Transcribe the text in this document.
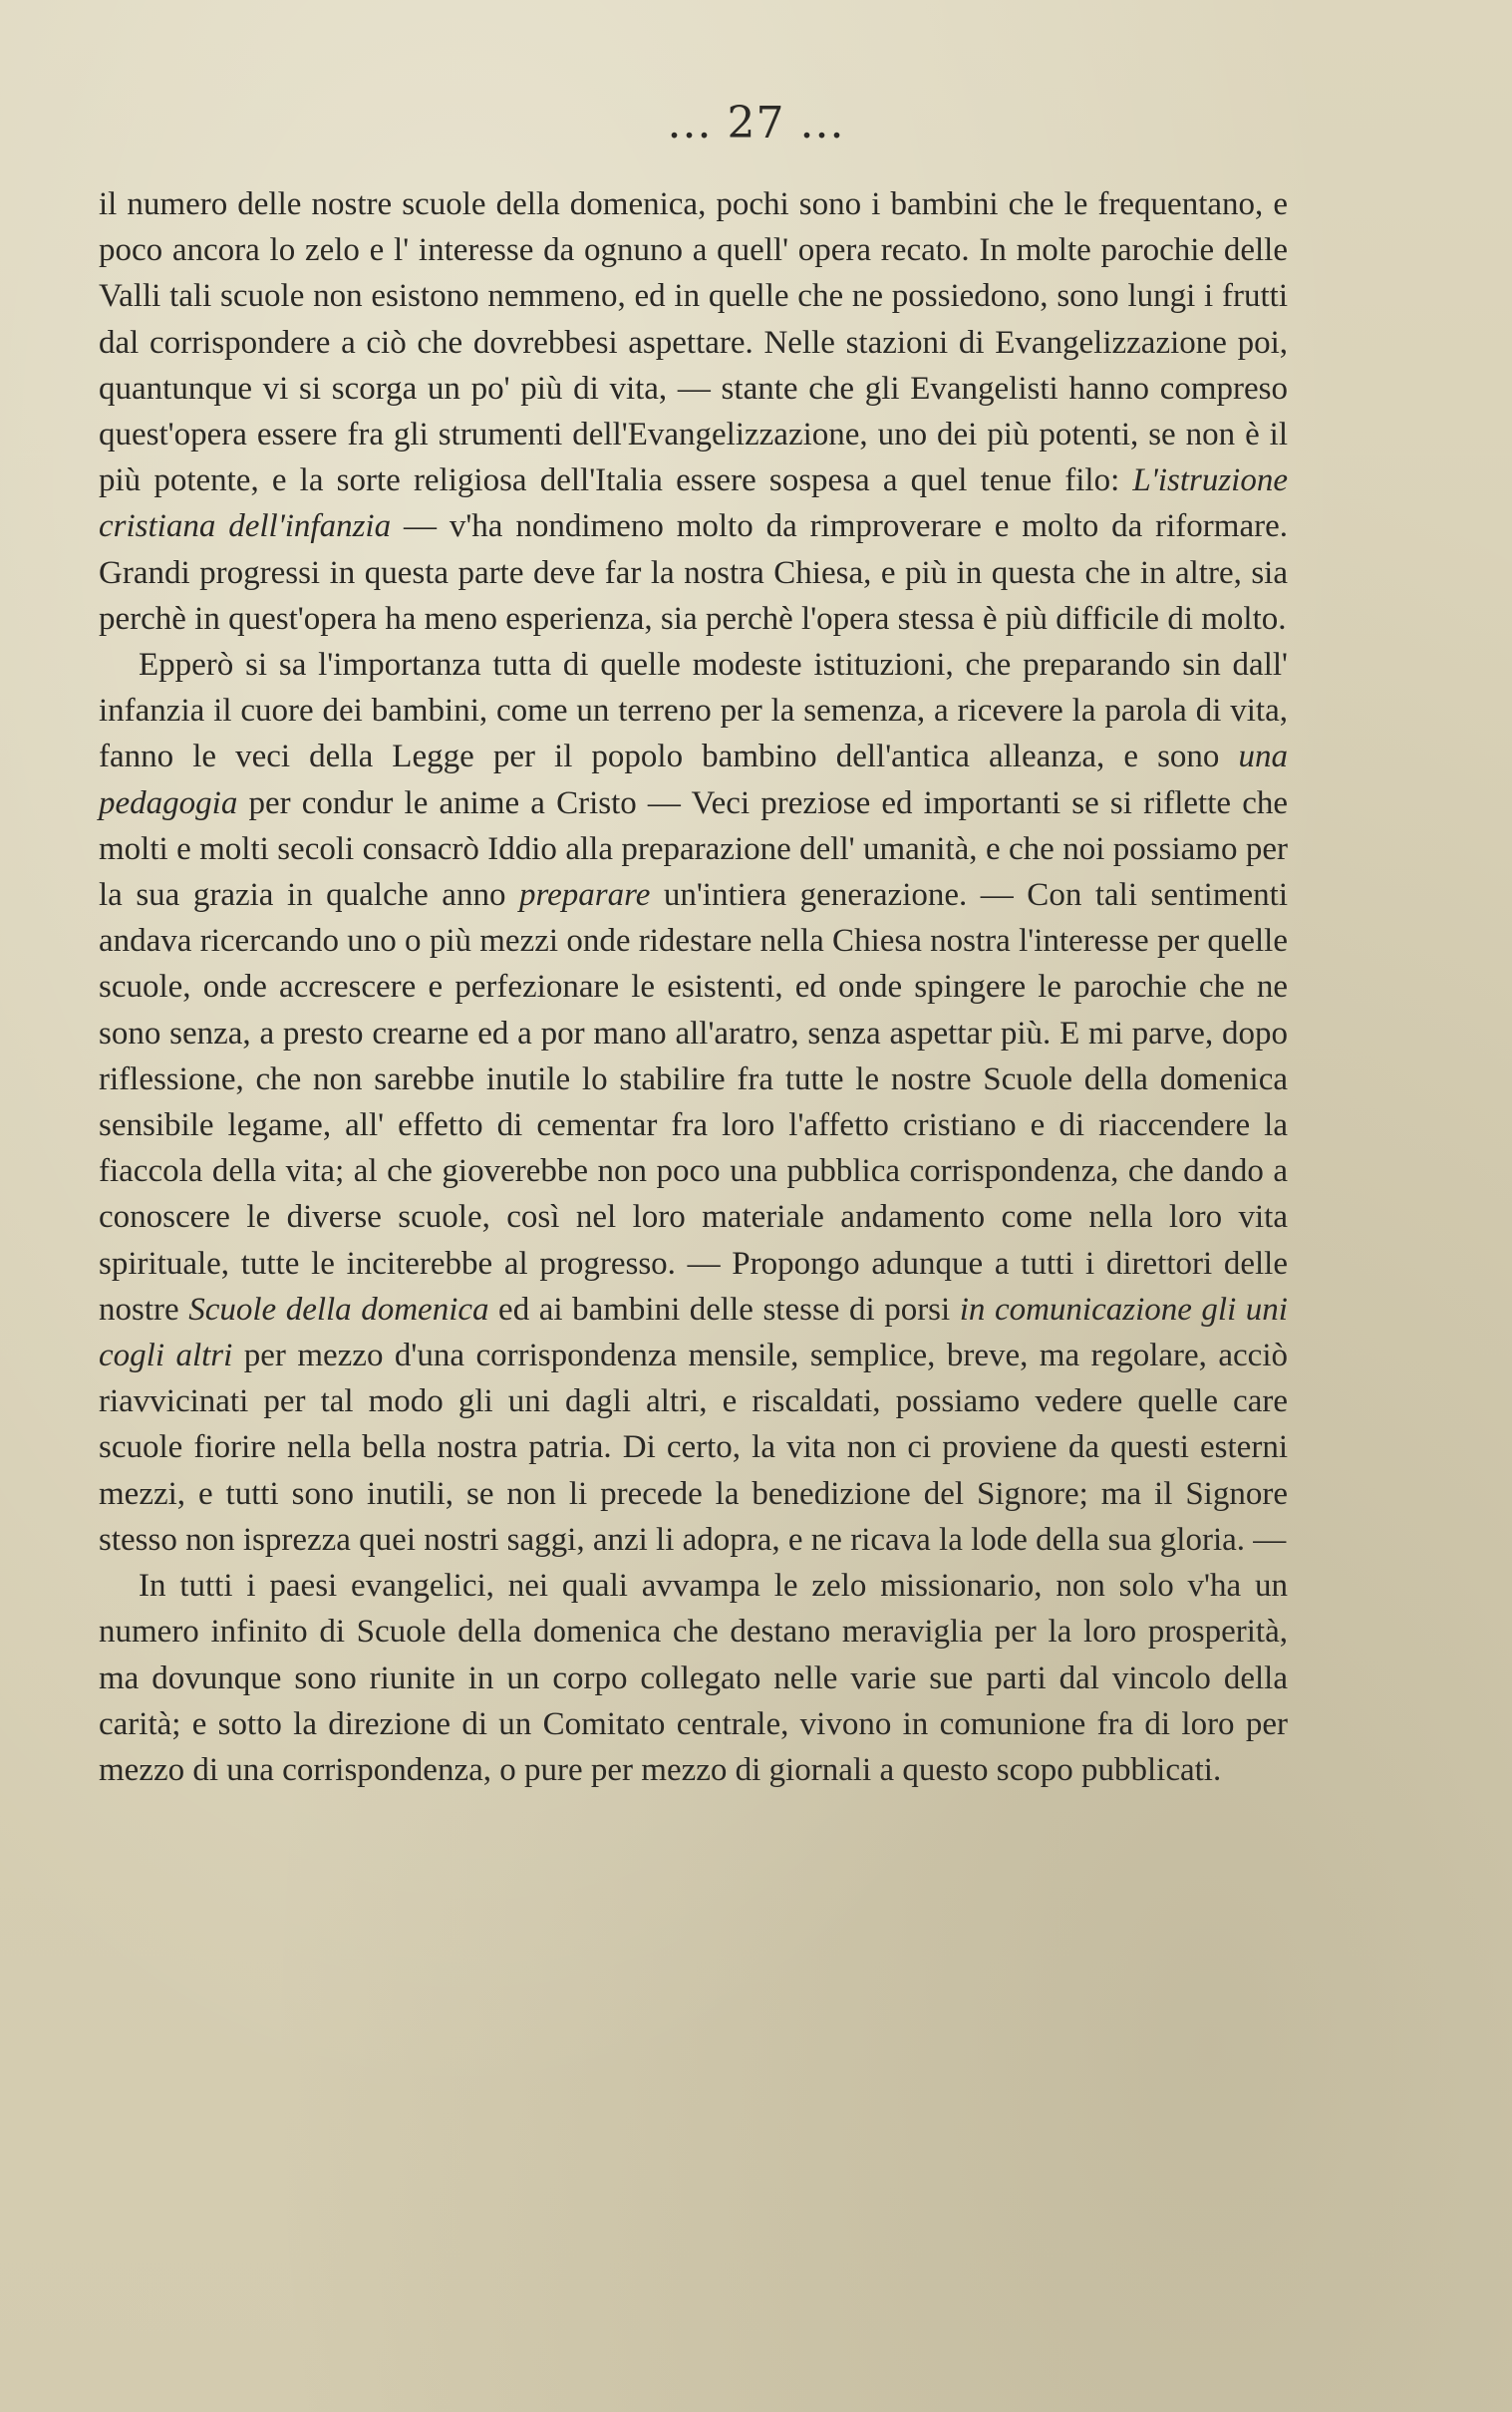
... 27 ...

il numero delle nostre scuole della domenica, pochi sono i bambini che le frequentano, e poco ancora lo zelo e l' interesse da ognuno a quell' opera recato. In molte parochie delle Valli tali scuole non esistono nemmeno, ed in quelle che ne possiedono, sono lungi i frutti dal corrispondere a ciò che dovrebbesi aspettare. Nelle stazioni di Evangelizzazione poi, quantunque vi si scorga un po' più di vita, — stante che gli Evangelisti hanno compreso quest'opera essere fra gli strumenti dell'Evangelizzazione, uno dei più potenti, se non è il più potente, e la sorte religiosa dell'Italia essere sospesa a quel tenue filo: L'istruzione cristiana dell'infanzia — v'ha nondimeno molto da rimproverare e molto da riformare. Grandi progressi in questa parte deve far la nostra Chiesa, e più in questa che in altre, sia perchè in quest'opera ha meno esperienza, sia perchè l'opera stessa è più difficile di molto.

Epperò si sa l'importanza tutta di quelle modeste istituzioni, che preparando sin dall' infanzia il cuore dei bambini, come un terreno per la semenza, a ricevere la parola di vita, fanno le veci della Legge per il popolo bambino dell'antica alleanza, e sono una pedagogia per condur le anime a Cristo — Veci preziose ed importanti se si riflette che molti e molti secoli consacrò Iddio alla preparazione dell' umanità, e che noi possiamo per la sua grazia in qualche anno preparare un'intiera generazione. — Con tali sentimenti andava ricercando uno o più mezzi onde ridestare nella Chiesa nostra l'interesse per quelle scuole, onde accrescere e perfezionare le esistenti, ed onde spingere le parochie che ne sono senza, a presto crearne ed a por mano all'aratro, senza aspettar più. E mi parve, dopo riflessione, che non sarebbe inutile lo stabilire fra tutte le nostre Scuole della domenica sensibile legame, all' effetto di cementar fra loro l'affetto cristiano e di riaccendere la fiaccola della vita; al che gioverebbe non poco una pubblica corrispondenza, che dando a conoscere le diverse scuole, così nel loro materiale andamento come nella loro vita spirituale, tutte le inciterebbe al progresso. — Propongo adunque a tutti i direttori delle nostre Scuole della domenica ed ai bambini delle stesse di porsi in comunicazione gli uni cogli altri per mezzo d'una corrispondenza mensile, semplice, breve, ma regolare, acciò riavvicinati per tal modo gli uni dagli altri, e riscaldati, possiamo vedere quelle care scuole fiorire nella bella nostra patria. Di certo, la vita non ci proviene da questi esterni mezzi, e tutti sono inutili, se non li precede la benedizione del Signore; ma il Signore stesso non isprezza quei nostri saggi, anzi li adopra, e ne ricava la lode della sua gloria. —

In tutti i paesi evangelici, nei quali avvampa le zelo missionario, non solo v'ha un numero infinito di Scuole della domenica che destano meraviglia per la loro prosperità, ma dovunque sono riunite in un corpo collegato nelle varie sue parti dal vincolo della carità; e sotto la direzione di un Comitato centrale, vivono in comunione fra di loro per mezzo di una corrispondenza, o pure per mezzo di giornali a questo scopo pubblicati.
